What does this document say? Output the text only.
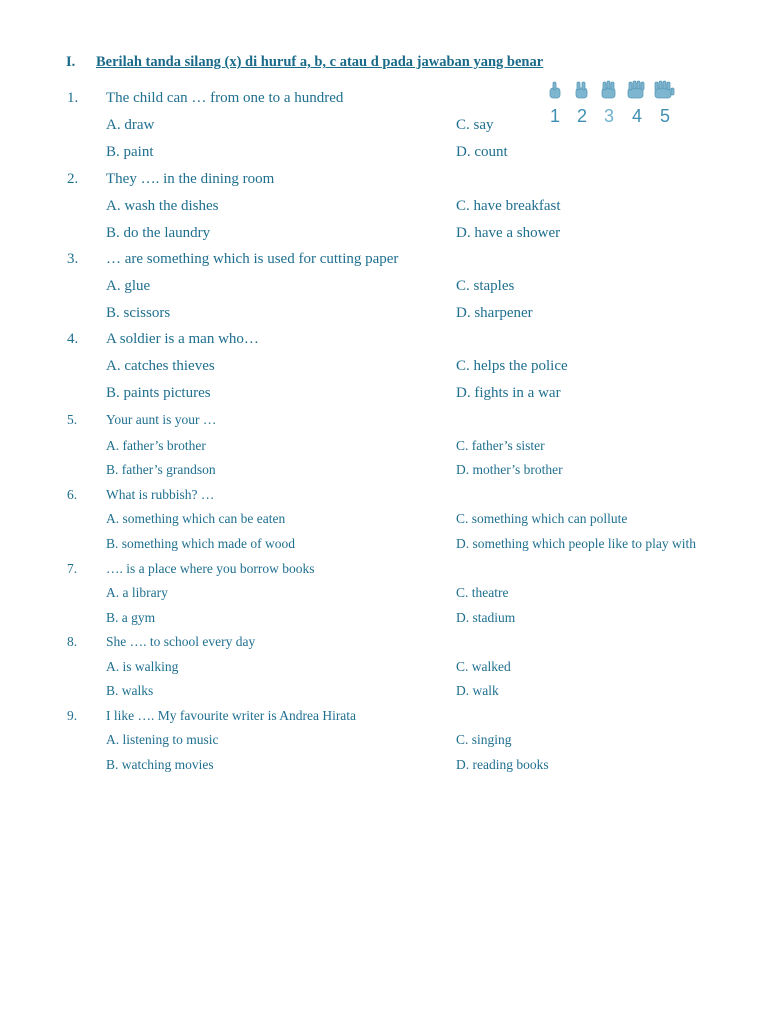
I. Berilah tanda silang (x) di huruf a, b, c atau d pada jawaban yang benar
1 2 3 4 5
1. The child can … from one to a hundred
A. draw	C. say
B. paint	D. count
2. They …. in the dining room
A. wash the dishes	C. have breakfast
B. do the laundry	D. have a shower
3. … are something which is used for cutting paper
A. glue	C. staples
B. scissors	D. sharpener
4. A soldier is a man who…
A. catches thieves	C. helps the police
B. paints pictures	D. fights in a war
5. Your aunt is your …
A. father’s brother	C. father’s sister
B. father’s grandson	D. mother’s brother
6. What is rubbish? …
A. something which can be eaten	C. something which can pollute
B. something which made of wood	D. something which people like to play with
7. …. is a place where you borrow books
A. a library	C. theatre
B. a gym	D. stadium
8. She …. to school every day
A. is walking	C. walked
B. walks	D. walk
9. I like …. My favourite writer is Andrea Hirata
A. listening to music	C. singing
B. watching movies	D. reading books
